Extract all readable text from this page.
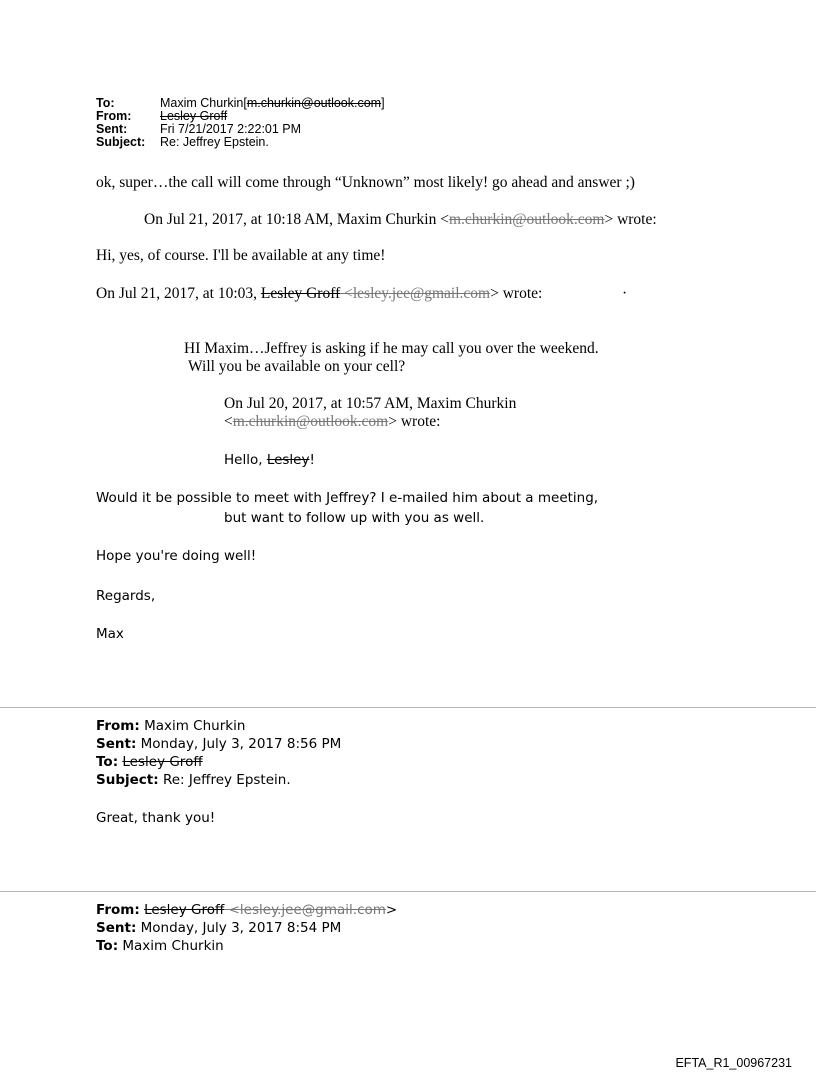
To:	Maxim Churkin[m.churkin@outlook.com]
From: Lesley Groff
Sent:	Fri 7/21/2017 2:22:01 PM
Subject: Re: Jeffrey Epstein.
ok, super…the call will come through “Unknown” most likely! go ahead and answer ;)
On Jul 21, 2017, at 10:18 AM, Maxim Churkin <m.churkin@outlook.com> wrote:
Hi, yes, of course. I'll be available at any time!
On Jul 21, 2017, at 10:03, Lesley Groff <lesley.jee@gmail.com> wrote:	·
HI Maxim…Jeffrey is asking if he may call you over the weekend.
Will you be available on your cell?
On Jul 20, 2017, at 10:57 AM, Maxim Churkin
<m.churkin@outlook.com> wrote:
Hello, Lesley!
Would it be possible to meet with Jeffrey? I e-mailed him about a meeting,
but want to follow up with you as well.
Hope you're doing well!
Regards,
Max
From: Maxim Churkin
Sent: Monday, July 3, 2017 8:56 PM
To: Lesley Groff
Subject: Re: Jeffrey Epstein.
Great, thank you!
From: Lesley Groff <lesley.jee@gmail.com>
Sent: Monday, July 3, 2017 8:54 PM
To: Maxim Churkin
EFTA_R1_00967231
